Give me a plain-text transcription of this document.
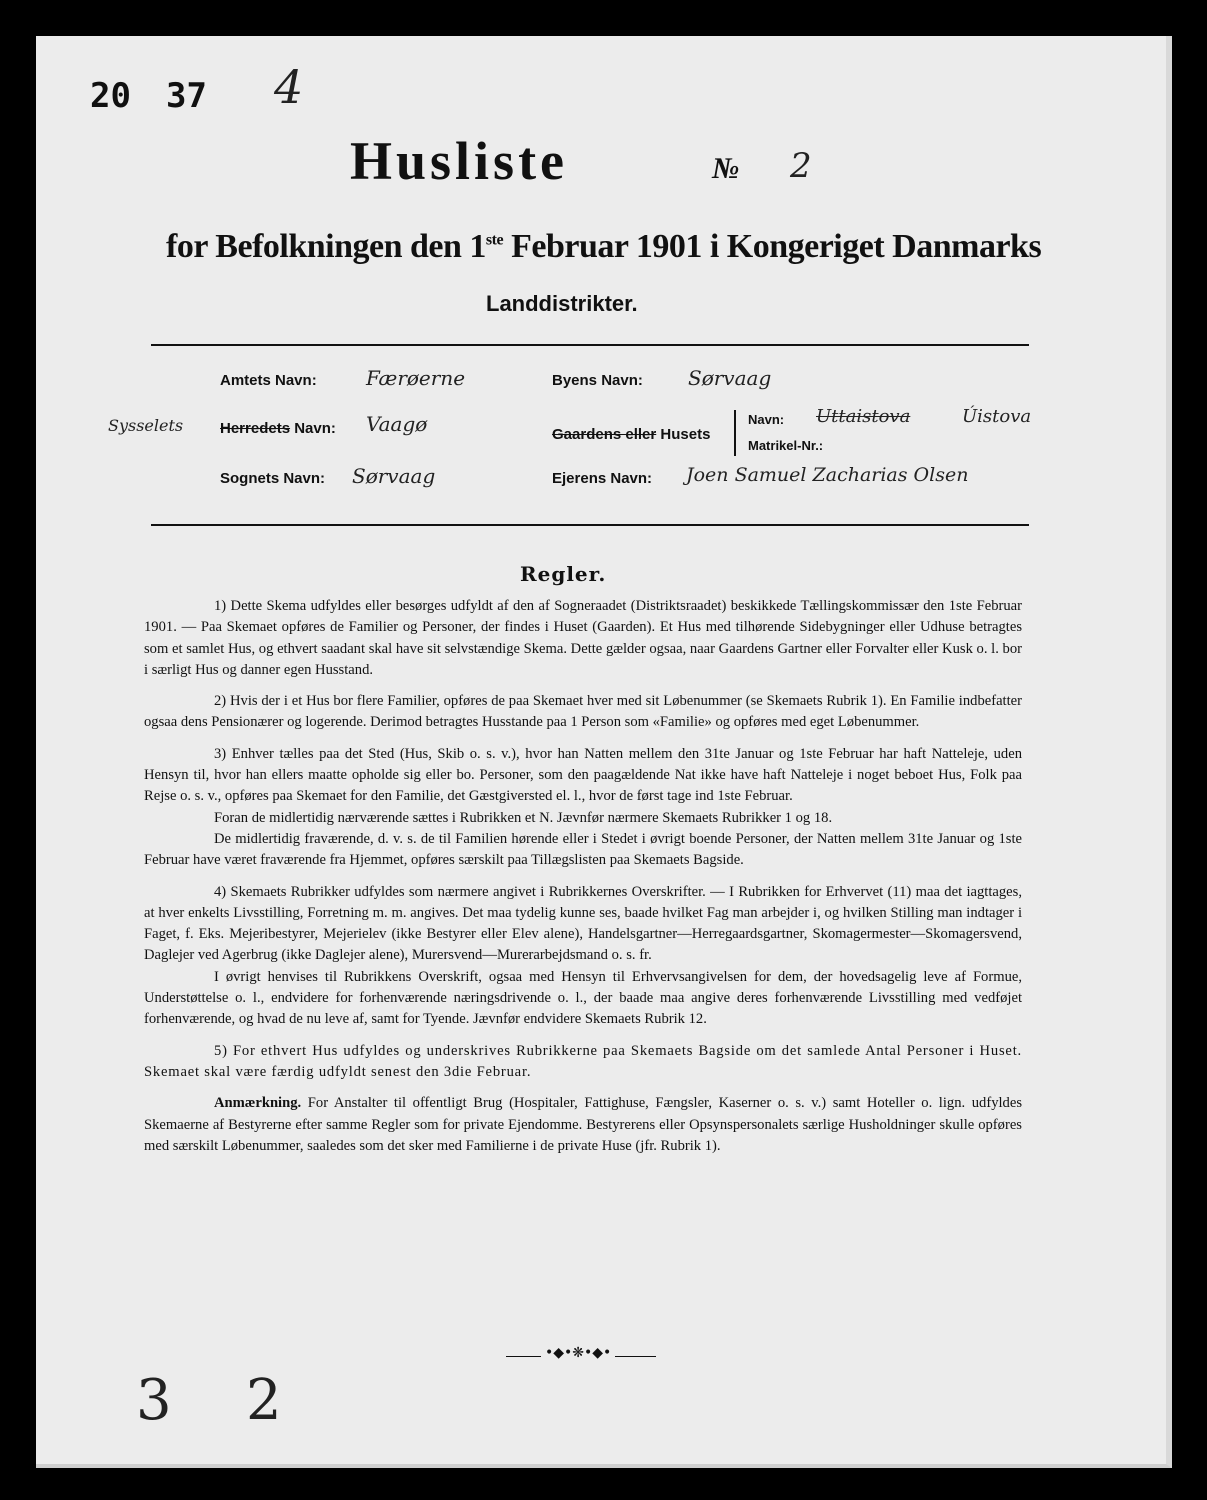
20 37 4
Husliste	№ 2
for Befolkningen den 1ste Februar 1901 i Kongeriget Danmarks
Landdistrikter.
Amtets Navn: Færøerne
Sysselets Herredets Navn: Vaagø
Sognets Navn: Sørvaag
Byens Navn: Sørvaag
Gaardens eller Husets
Navn: Uttaistova	Úistova
Matrikel-Nr.:
Ejerens Navn: Joen Samuel Zacharias Olsen
Regler.

1) Dette Skema udfyldes eller besørges udfyldt af den af Sogneraadet (Distriktsraadet) beskikkede Tællingskommissær den 1ste Februar 1901. — Paa Skemaet opføres de Familier og Personer, der findes i Huset (Gaarden). Et Hus med tilhørende Sidebygninger eller Udhuse betragtes som et samlet Hus, og ethvert saadant skal have sit selvstændige Skema. Dette gælder ogsaa, naar Gaardens Gartner eller Forvalter eller Kusk o. l. bor i særligt Hus og danner egen Husstand.

2) Hvis der i et Hus bor flere Familier, opføres de paa Skemaet hver med sit Løbenummer (se Skemaets Rubrik 1). En Familie indbefatter ogsaa dens Pensionærer og logerende. Derimod betragtes Husstande paa 1 Person som «Familie» og opføres med eget Løbenummer.

3) Enhver tælles paa det Sted (Hus, Skib o. s. v.), hvor han Natten mellem den 31te Januar og 1ste Februar har haft Natteleje, uden Hensyn til, hvor han ellers maatte opholde sig eller bo. Personer, som den paagældende Nat ikke have haft Natteleje i noget beboet Hus, Folk paa Rejse o. s. v., opføres paa Skemaet for den Familie, det Gæstgiversted el. l., hvor de først tage ind 1ste Februar.

Foran de midlertidig nærværende sættes i Rubrikken et N. Jævnfør nærmere Skemaets Rubrikker 1 og 18.

De midlertidig fraværende, d. v. s. de til Familien hørende eller i Stedet i øvrigt boende Personer, der Natten mellem 31te Januar og 1ste Februar have været fraværende fra Hjemmet, opføres særskilt paa Tillægslisten paa Skemaets Bagside.

4) Skemaets Rubrikker udfyldes som nærmere angivet i Rubrikkernes Overskrifter. — I Rubrikken for Erhvervet (11) maa det iagttages, at hver enkelts Livsstilling, Forretning m. m. angives. Det maa tydelig kunne ses, baade hvilket Fag man arbejder i, og hvilken Stilling man indtager i Faget, f. Eks. Mejeribestyrer, Mejerielev (ikke Bestyrer eller Elev alene), Handelsgartner—Herregaardsgartner, Skomagermester—Skomagersvend, Daglejer ved Agerbrug (ikke Daglejer alene), Murersvend—Murerarbejdsmand o. s. fr.

I øvrigt henvises til Rubrikkens Overskrift, ogsaa med Hensyn til Erhvervsangivelsen for dem, der hovedsagelig leve af Formue, Understøttelse o. l., endvidere for forhenværende næringsdrivende o. l., der baade maa angive deres forhenværende Livsstilling med vedføjet forhenværende, og hvad de nu leve af, samt for Tyende. Jævnfør endvidere Skemaets Rubrik 12.

5) For ethvert Hus udfyldes og underskrives Rubrikkerne paa Skemaets Bagside om det samlede Antal Personer i Huset. Skemaet skal være færdig udfyldt senest den 3die Februar.

Anmærkning. For Anstalter til offentligt Brug (Hospitaler, Fattighuse, Fængsler, Kaserner o. s. v.) samt Hoteller o. lign. udfyldes Skemaerne af Bestyrerne efter samme Regler som for private Ejendomme. Bestyrerens eller Opsynspersonalets særlige Husholdninger skulle opføres med særskilt Løbenummer, saaledes som det sker med Familierne i de private Huse (jfr. Rubrik 1).

•◆•❋•◆•
3 2
